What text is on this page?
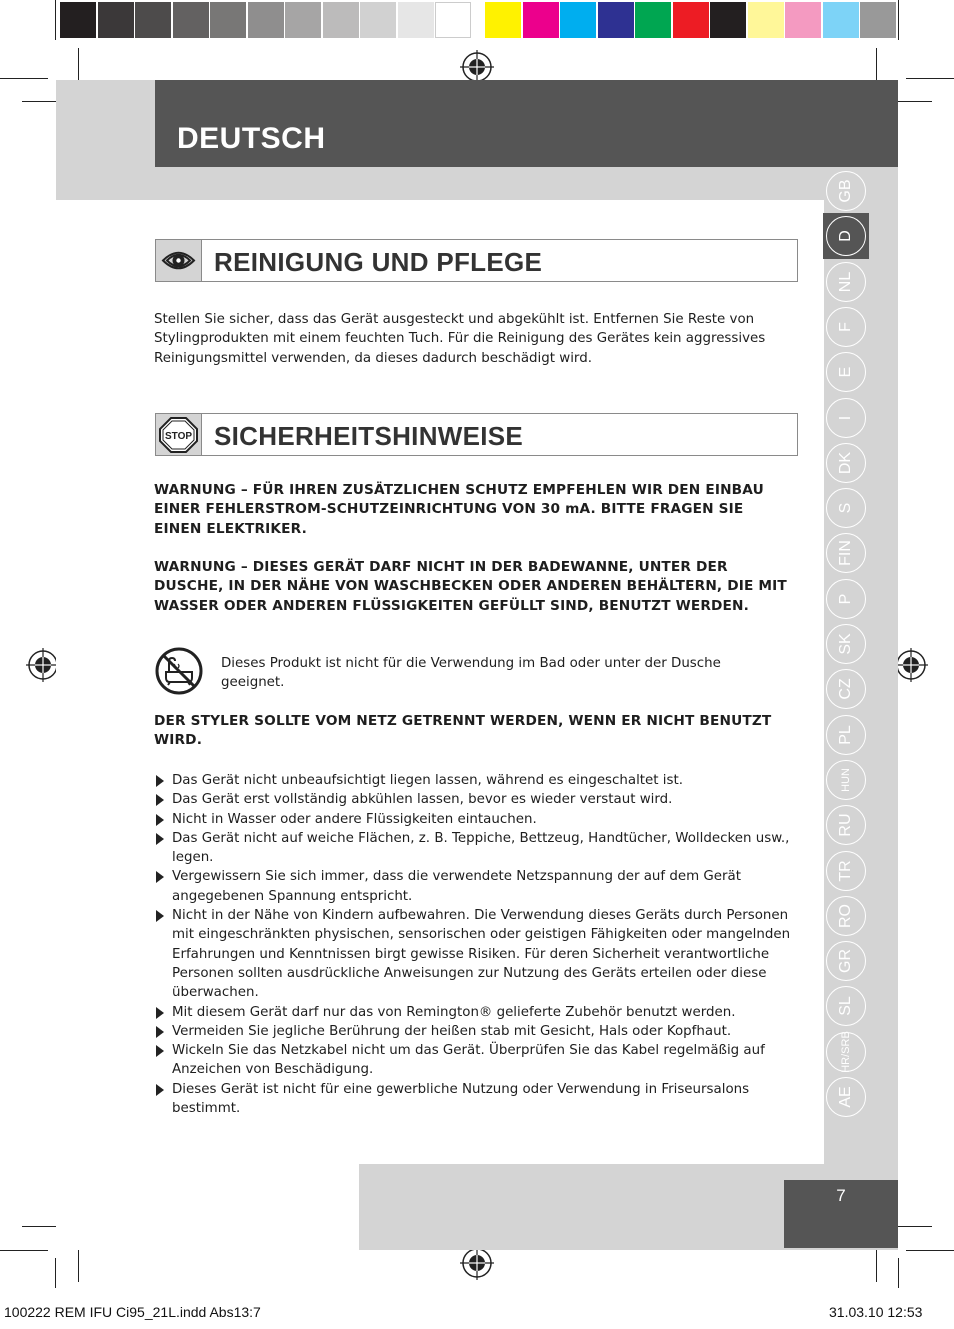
DEUTSCH
GB
D
NL
F
E
I
DK
S
FIN
P
SK
CZ
PL
HUN
RU
TR
RO
GR
SL
HR/SRB
AE
REINIGUNG UND PFLEGE
Stellen Sie sicher, dass das Gerät ausgesteckt und abgekühlt ist. Entfernen Sie Reste von Stylingprodukten mit einem feuchten Tuch. Für die Reinigung des Gerätes kein aggressives Reinigungsmittel verwenden, da dieses dadurch beschädigt wird.
STOP SICHERHEITSHINWEISE
WARNUNG – FÜR IHREN ZUSÄTZLICHEN SCHUTZ EMPFEHLEN WIR DEN EINBAU EINER FEHLERSTROM-SCHUTZEINRICHTUNG VON 30 mA. BITTE FRAGEN SIE EINEN ELEKTRIKER.
WARNUNG – DIESES GERÄT DARF NICHT IN DER BADEWANNE, UNTER DER DUSCHE, IN DER NÄHE VON WASCHBECKEN ODER ANDEREN BEHÄLTERN, DIE MIT WASSER ODER ANDEREN FLÜSSIGKEITEN GEFÜLLT SIND, BENUTZT WERDEN.
Dieses Produkt ist nicht für die Verwendung im Bad oder unter der Dusche geeignet.
DER STYLER SOLLTE VOM NETZ GETRENNT WERDEN, WENN ER NICHT BENUTZT WIRD.
Das Gerät nicht unbeaufsichtigt liegen lassen, während es eingeschaltet ist.
Das Gerät erst vollständig abkühlen lassen, bevor es wieder verstaut wird.
Nicht in Wasser oder andere Flüssigkeiten eintauchen.
Das Gerät nicht auf weiche Flächen, z. B. Teppiche, Bettzeug, Handtücher, Wolldecken usw., legen.
Vergewissern Sie sich immer, dass die verwendete Netzspannung der auf dem Gerät angegebenen Spannung entspricht.
Nicht in der Nähe von Kindern aufbewahren. Die Verwendung dieses Geräts durch Personen mit eingeschränkten physischen, sensorischen oder geistigen Fähigkeiten oder mangelnden Erfahrungen und Kenntnissen birgt gewisse Risiken. Für deren Sicherheit verantwortliche Personen sollten ausdrückliche Anweisungen zur Nutzung des Geräts erteilen oder diese überwachen.
Mit diesem Gerät darf nur das von Remington® gelieferte Zubehör benutzt werden.
Vermeiden Sie jegliche Berührung der heißen stab mit Gesicht, Hals oder Kopfhaut.
Wickeln Sie das Netzkabel nicht um das Gerät. Überprüfen Sie das Kabel regelmäßig auf Anzeichen von Beschädigung.
Dieses Gerät ist nicht für eine gewerbliche Nutzung oder Verwendung in Friseursalons bestimmt.
7
100222 REM IFU Ci95_21L.indd Abs13:7	31.03.10 12:53
